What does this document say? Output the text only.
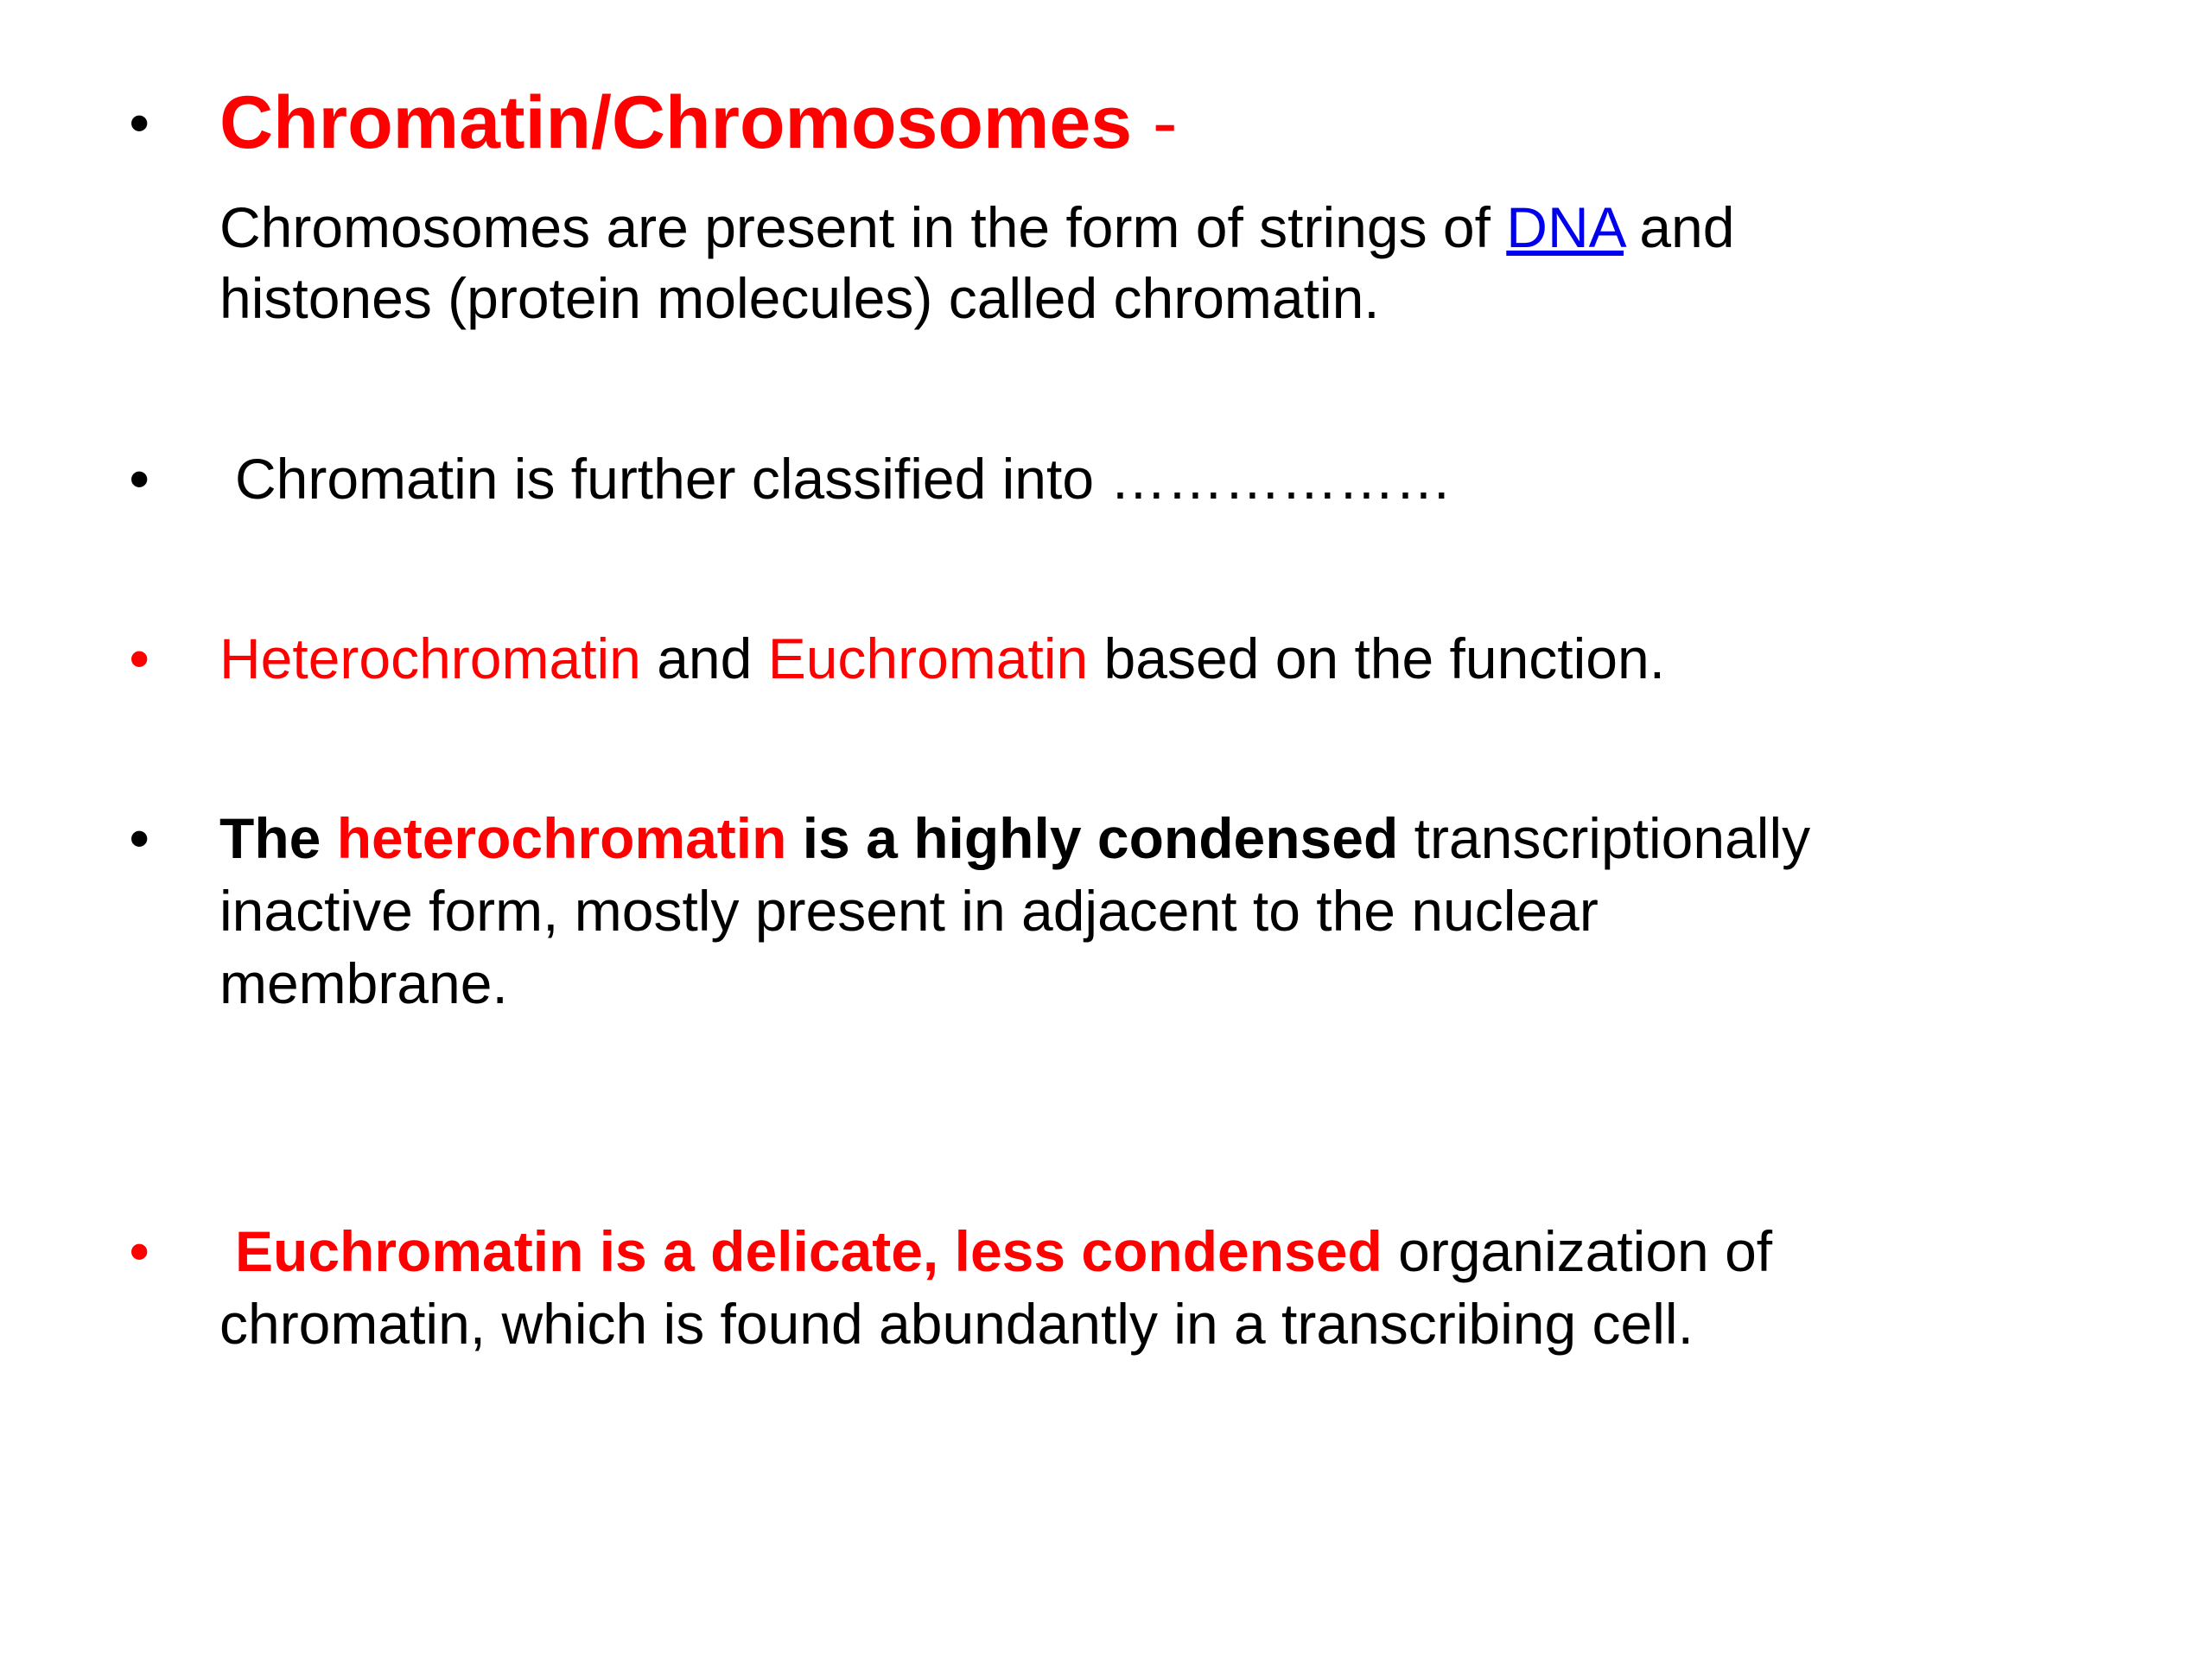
• Chromatin/Chromosomes -
Chromosomes are present in the form of strings of DNA and
histones (protein molecules) called chromatin.
• Chromatin is further classified into ………………
• Heterochromatin and Euchromatin based on the function.
• The heterochromatin is a highly condensed transcriptionally
inactive form, mostly present in adjacent to the nuclear
membrane.
• Euchromatin is a delicate, less condensed organization of
chromatin, which is found abundantly in a transcribing cell.
